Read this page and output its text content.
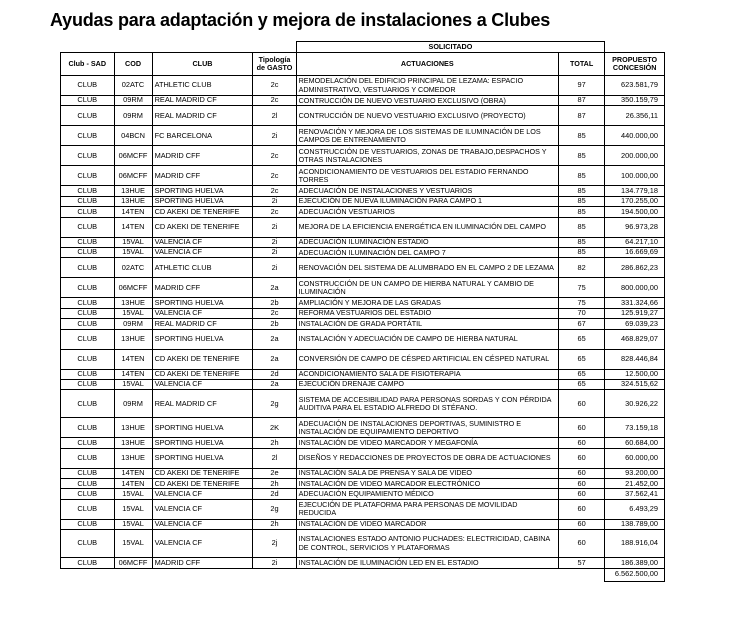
Ayudas para adaptación y mejora de instalaciones a Clubes
				SOLICITADO		
Club - SAD	COD	CLUB	Tipología de GASTO	ACTUACIONES	TOTAL	PROPUESTO CONCESIÓN
CLUB	02ATC	ATHLETIC CLUB	2c	REMODELACIÓN DEL EDIFICIO PRINCIPAL DE LEZAMA: ESPACIO ADMINISTRATIVO, VESTUARIOS Y COMEDOR	97	623.581,79
CLUB	09RM	REAL MADRID CF	2c	CONTRUCCIÓN DE NUEVO VESTUARIO EXCLUSIVO (OBRA)	87	350.159,79
CLUB	09RM	REAL MADRID CF	2l	CONTRUCCIÓN DE NUEVO VESTUARIO EXCLUSIVO (PROYECTO)	87	26.356,11
CLUB	04BCN	FC BARCELONA	2i	RENOVACIÓN Y MEJORA DE LOS SISTEMAS DE ILUMINACIÓN DE LOS CAMPOS DE ENTRENAMIENTO	85	440.000,00
CLUB	06MCFF	MADRID CFF	2c	CONSTRUCCIÓN DE VESTUARIOS, ZONAS DE TRABAJO,DESPACHOS Y OTRAS INSTALACIONES	85	200.000,00
CLUB	06MCFF	MADRID CFF	2c	ACONDICIONAMIENTO DE VESTUARIOS DEL ESTADIO FERNANDO TORRES	85	100.000,00
CLUB	13HUE	SPORTING HUELVA	2c	ADECUACIÓN DE INSTALACIONES Y VESTUARIOS	85	134.779,18
CLUB	13HUE	SPORTING HUELVA	2i	EJECUCIÓN DE NUEVA ILUMINACIÓN PARA CAMPO 1	85	170.255,00
CLUB	14TEN	CD AKEKI DE TENERIFE	2c	ADECUACIÓN VESTUARIOS	85	194.500,00
CLUB	14TEN	CD AKEKI DE TENERIFE	2i	MEJORA DE LA EFICIENCIA ENERGÉTICA EN ILUMINACIÓN DEL CAMPO	85	96.973,28
CLUB	15VAL	VALENCIA CF	2i	ADECUACIÓN ILUMINACIÓN ESTADIO	85	64.217,10
CLUB	15VAL	VALENCIA CF	2i	ADECUACIÓN ILUMINACIÓN DEL CAMPO 7	85	16.669,69
CLUB	02ATC	ATHLETIC CLUB	2i	RENOVACIÓN DEL SISTEMA DE ALUMBRADO EN EL CAMPO 2 DE LEZAMA	82	286.862,23
CLUB	06MCFF	MADRID CFF	2a	CONSTRUCCIÓN DE UN CAMPO DE HIERBA NATURAL Y CAMBIO DE ILUMINACIÓN	75	800.000,00
CLUB	13HUE	SPORTING HUELVA	2b	AMPLIACIÓN Y MEJORA DE LAS GRADAS	75	331.324,66
CLUB	15VAL	VALENCIA CF	2c	REFORMA VESTUARIOS DEL ESTADIO	70	125.919,27
CLUB	09RM	REAL MADRID CF	2b	INSTALACIÓN DE GRADA PORTÁTIL	67	69.039,23
CLUB	13HUE	SPORTING HUELVA	2a	INSTALACIÓN Y ADECUACIÓN DE CAMPO DE HIERBA NATURAL	65	468.829,07
CLUB	14TEN	CD AKEKI DE TENERIFE	2a	CONVERSIÓN DE CAMPO DE CÉSPED ARTIFICIAL EN CÉSPED NATURAL	65	828.446,84
CLUB	14TEN	CD AKEKI DE TENERIFE	2d	ACONDICIONAMIENTO SALA DE FISIOTERAPIA	65	12.500,00
CLUB	15VAL	VALENCIA CF	2a	EJECUCIÓN DRENAJE CAMPO	65	324.515,62
CLUB	09RM	REAL MADRID CF	2g	SISTEMA DE ACCESIBILIDAD PARA PERSONAS SORDAS Y CON PÉRDIDA AUDITIVA PARA EL ESTADIO ALFREDO DI STÉFANO.	60	30.926,22
CLUB	13HUE	SPORTING HUELVA	2K	ADECUACIÓN DE INSTALACIONES DEPORTIVAS, SUMINISTRO E INSTALACIÓN DE EQUIPAMIENTO DEPORTIVO	60	73.159,18
CLUB	13HUE	SPORTING HUELVA	2h	INSTALACIÓN DE VIDEO MARCADOR Y MEGAFONÍA	60	60.684,00
CLUB	13HUE	SPORTING HUELVA	2l	DISEÑOS Y REDACCIONES DE PROYECTOS DE OBRA DE ACTUACIONES	60	60.000,00
CLUB	14TEN	CD AKEKI DE TENERIFE	2e	INSTALACIÓN SALA DE PRENSA Y SALA DE VIDEO	60	93.200,00
CLUB	14TEN	CD AKEKI DE TENERIFE	2h	INSTALACIÓN DE VIDEO MARCADOR ELECTRÓNICO	60	21.452,00
CLUB	15VAL	VALENCIA CF	2d	ADECUACIÓN EQUIPAMIENTO MÉDICO	60	37.562,41
CLUB	15VAL	VALENCIA CF	2g	EJECUCIÓN DE PLATAFORMA PARA PERSONAS DE MOVILIDAD REDUCIDA	60	6.493,29
CLUB	15VAL	VALENCIA CF	2h	INSTALACIÓN DE VIDEO MARCADOR	60	138.789,00
CLUB	15VAL	VALENCIA CF	2j	INSTALACIONES ESTADO ANTONIO PUCHADES: ELECTRICIDAD, CABINA DE CONTROL, SERVICIOS Y PLATAFORMAS	60	188.916,04
CLUB	06MCFF	MADRID CFF	2i	INSTALACIÓN DE ILUMINACIÓN LED EN EL ESTADIO	57	186.389,00
						6.562.500,00
